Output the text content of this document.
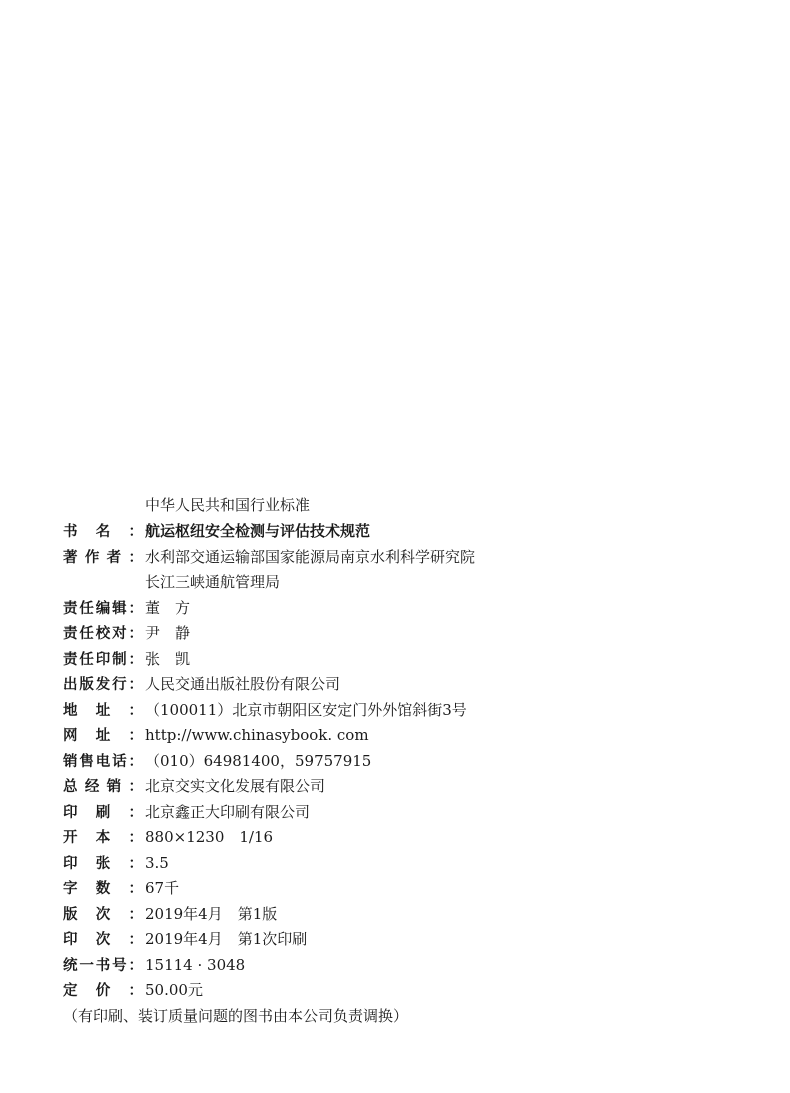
中华人民共和国行业标准
书 名 ： 航运枢纽安全检测与评估技术规范
著 作 者 ： 水利部交通运输部国家能源局南京水利科学研究院
长江三峡通航管理局
责 任 编 辑 ： 董　方
责 任 校 对 ： 尹　静
责 任 印 制 ： 张　凯
出 版 发 行 ： 人民交通出版社股份有限公司
地 址 ： （100011）北京市朝阳区安定门外外馆斜街3号
网 址 ： http://www.chinasybook. com
销 售 电 话 ： （010）64981400，59757915
总 经 销 ： 北京交实文化发展有限公司
印 刷 ： 北京鑫正大印刷有限公司
开 本 ： 880×1230　1/16
印 张 ： 3.5
字 数 ： 67千
版 次 ： 2019年4月　第1版
印 次 ： 2019年4月　第1次印刷
统 一 书 号 ： 15114 · 3048
定 价 ： 50.00元
（有印刷、装订质量问题的图书由本公司负责调换）
